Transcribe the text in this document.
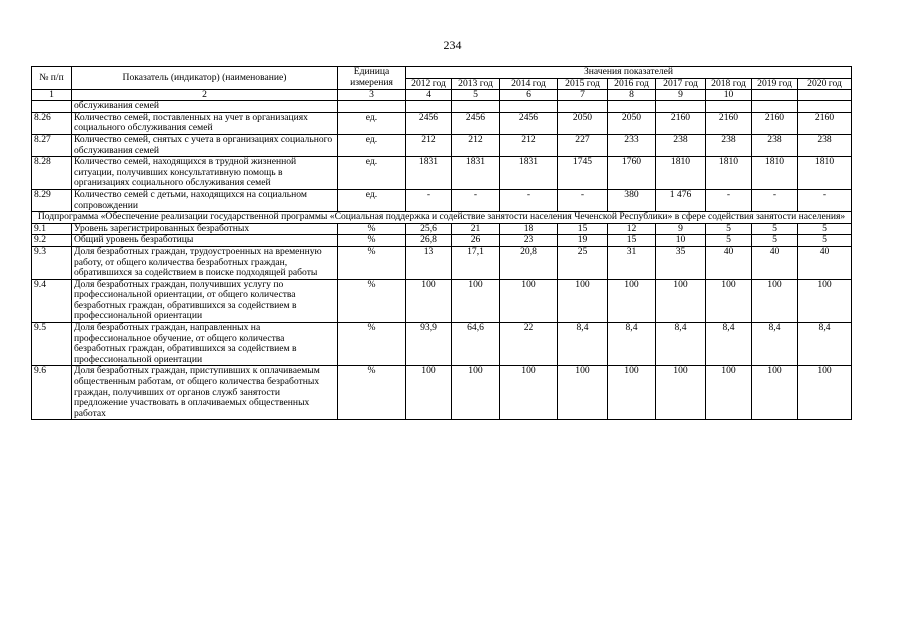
234
№ п/п	Показатель (индикатор) (наименование)	Единица измерения	Значения показателей								
			2012 год	2013 год	2014 год	2015 год	2016 год	2017 год	2018 год	2019 год	2020 год
1	2	3	4	5	6	7	8	9	10		
	обслуживания семей										
8.26	Количество семей, поставленных на учет в организациях социального обслуживания семей	ед.	2456	2456	2456	2050	2050	2160	2160	2160	2160
8.27	Количество семей, снятых с учета в организациях социального обслуживания семей	ед.	212	212	212	227	233	238	238	238	238
8.28	Количество семей, находящихся в трудной жизненной ситуации, получивших консультативную помощь в организациях социального обслуживания семей	ед.	1831	1831	1831	1745	1760	1810	1810	1810	1810
8.29	Количество семей с детьми, находящихся на социальном сопровождении	ед.	-	-	-	-	380	1 476	-	-	-
Подпрограмма «Обеспечение реализации государственной программы «Социальная поддержка и содействие занятости населения Чеченской Республики» в сфере содействия занятости населения»											
9.1	Уровень зарегистрированных безработных	%	25,6	21	18	15	12	9	5	5	5
9.2	Общий уровень безработицы	%	26,8	26	23	19	15	10	5	5	5
9.3	Доля безработных граждан, трудоустроенных на временную работу, от общего количества безработных граждан, обратившихся за содействием в поиске подходящей работы	%	13	17,1	20,8	25	31	35	40	40	40
9.4	Доля безработных граждан, получивших услугу по профессиональной ориентации, от общего количества безработных граждан, обратившихся за содействием в профессиональной ориентации	%	100	100	100	100	100	100	100	100	100
9.5	Доля безработных граждан, направленных на профессиональное обучение, от общего количества безработных граждан, обратившихся за содействием в профессиональной ориентации	%	93,9	64,6	22	8,4	8,4	8,4	8,4	8,4	8,4
9.6	Доля безработных граждан, приступивших к оплачиваемым общественным работам, от общего количества безработных граждан, получивших от органов служб занятости предложение участвовать в оплачиваемых общественных работах	%	100	100	100	100	100	100	100	100	100
